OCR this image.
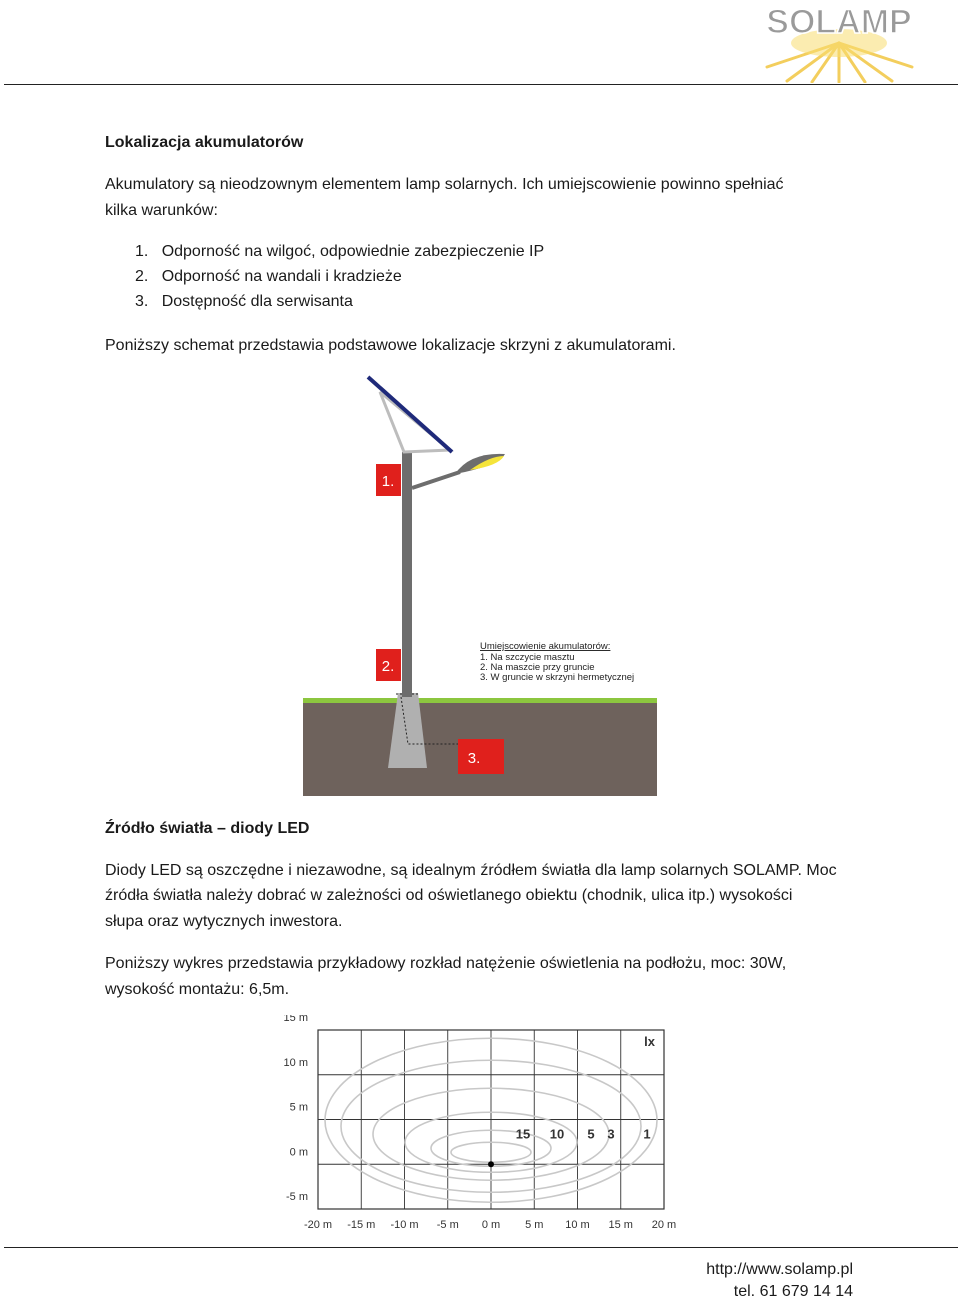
SOLAMP

Lokalizacja akumulatorów

Akumulatory są nieodzownym elementem lamp solarnych. Ich umiejscowienie powinno spełniać

kilka warunków:

1. Odporność na wilgoć, odpowiednie zabezpieczenie IP
2. Odporność na wandali i kradzieże
3. Dostępność dla serwisanta

Poniższy schemat przedstawia podstawowe lokalizacje skrzyni z akumulatorami.

1.
2.
3.
Umiejscowienie akumulatorów:
1. Na szczycie masztu
2. Na maszcie przy gruncie
3. W gruncie w skrzyni hermetycznej

Źródło światła – diody LED

Diody LED są oszczędne i niezawodne, są idealnym źródłem światła dla lamp solarnych SOLAMP. Moc

źródła światła należy dobrać w zależności od oświetlanego obiektu (chodnik, ulica itp.) wysokości

słupa oraz wytycznych inwestora.

Poniższy wykres przedstawia przykładowy rozkład natężenie oświetlenia na podłożu, moc: 30W,

wysokość montażu: 6,5m.

lx
15 10 5 3 1
-20 m -15 m -10 m -5 m 0 m 5 m 10 m 15 m 20 m
15 m
10 m
5 m
0 m
-5 m
http://www.solamp.pl
tel. 61 679 14 14
